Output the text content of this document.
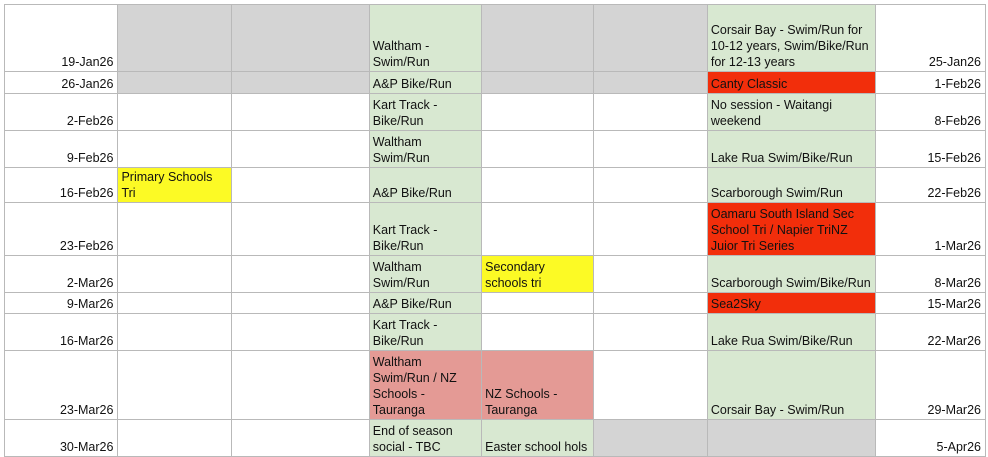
19-Jan26			Waltham - Swim/Run			Corsair Bay - Swim/Run for 10-12 years, Swim/Bike/Run for 12-13 years	25-Jan26
26-Jan26			A&P Bike/Run			Canty Classic	1-Feb26
2-Feb26			Kart Track - Bike/Run			No session - Waitangi weekend	8-Feb26
9-Feb26			Waltham Swim/Run			Lake Rua Swim/Bike/Run	15-Feb26
16-Feb26	Primary Schools Tri		A&P Bike/Run			Scarborough Swim/Run	22-Feb26
23-Feb26			Kart Track - Bike/Run			Oamaru South Island Sec School Tri / Napier TriNZ Juior Tri Series	1-Mar26
2-Mar26			Waltham Swim/Run	Secondary schools tri		Scarborough Swim/Bike/Run	8-Mar26
9-Mar26			A&P Bike/Run			Sea2Sky	15-Mar26
16-Mar26			Kart Track - Bike/Run			Lake Rua Swim/Bike/Run	22-Mar26
23-Mar26			Waltham Swim/Run / NZ Schools - Tauranga	NZ Schools - Tauranga		Corsair Bay - Swim/Run	29-Mar26
30-Mar26			End of season social - TBC	Easter school hols			5-Apr26
